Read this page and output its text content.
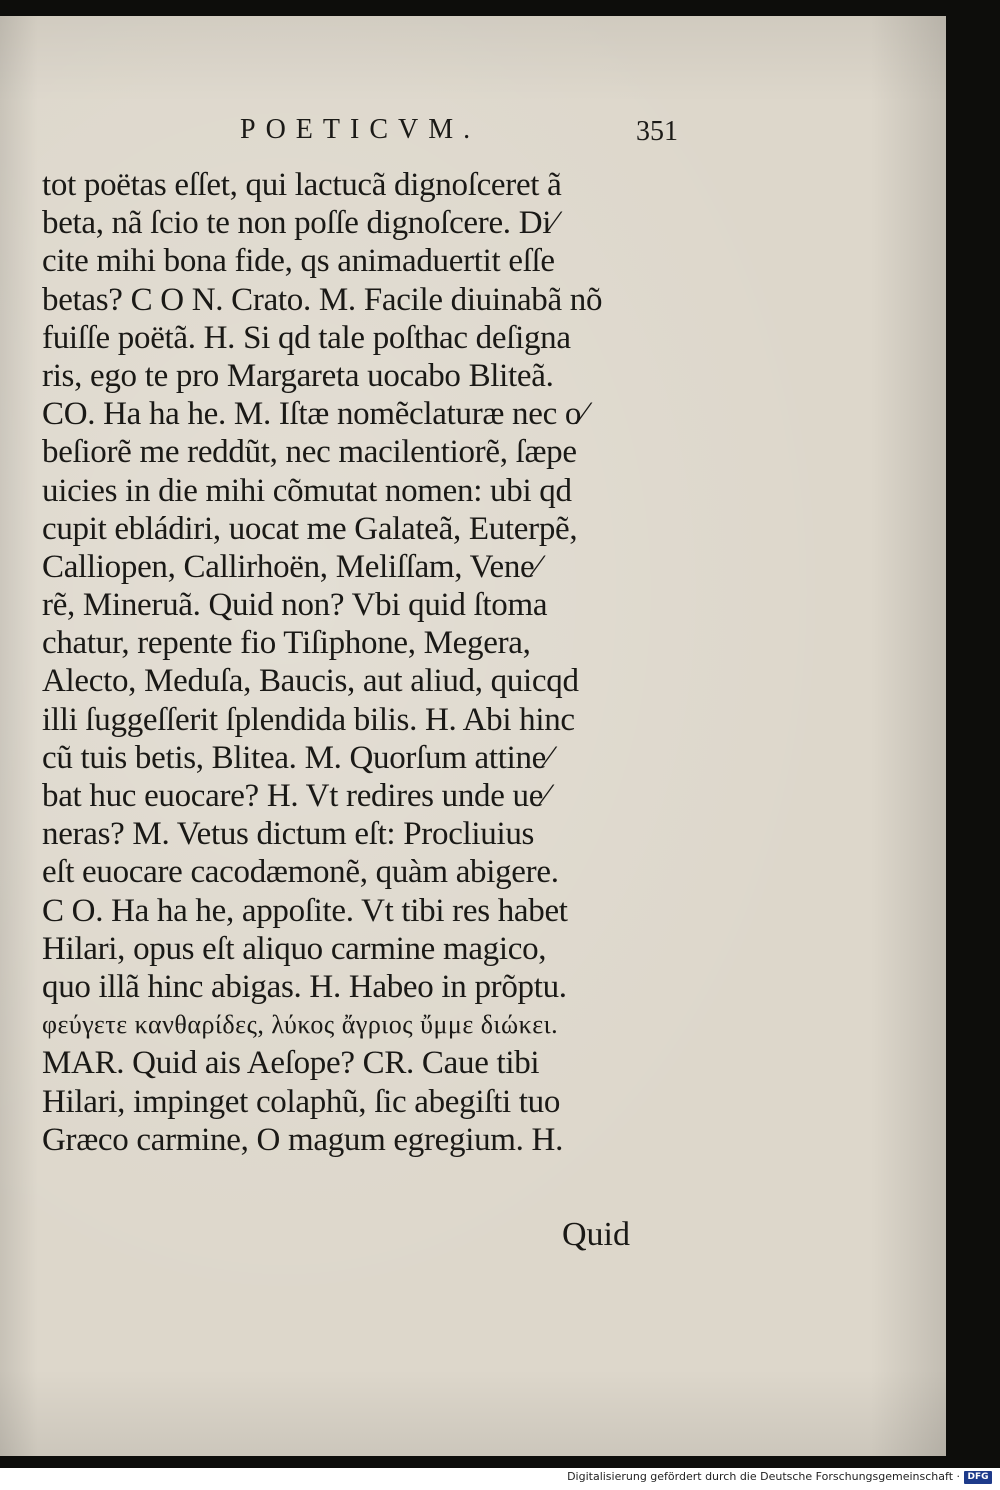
POETICVM.	351
tot poëtas eſſet, qui lactucã dignoſceret ã
beta, nã ſcio te non poſſe dignoſcere. Di⁄
cite mihi bona fide, qs animaduertit eſſe
betas? C O N. Crato. M. Facile diuinabã nõ
fuiſſe poëtã. H. Si qd tale poſthac deſigna
ris, ego te pro Margareta uocabo Bliteã.
CO. Ha ha he. M. Iſtæ nomẽclaturæ nec o⁄
beſiorẽ me reddũt, nec macilentiorẽ, ſæpe
uicies in die mihi cõmutat nomen: ubi qd
cupit ebládiri, uocat me Galateã, Euterpẽ,
Calliopen, Callirhoën, Meliſſam, Vene⁄
rẽ, Mineruã. Quid non? Vbi quid ſtoma
chatur, repente fio Tiſiphone, Megera,
Alecto, Meduſa, Baucis, aut aliud, quicqd
illi ſuggeſſerit ſplendida bilis. H. Abi hinc
cũ tuis betis, Blitea. M. Quorſum attine⁄
bat huc euocare? H. Vt redires unde ue⁄
neras? M. Vetus dictum eſt: Procliuius
eſt euocare cacodæmonẽ, quàm abigere.
C O. Ha ha he, appoſite. Vt tibi res habet
Hilari, opus eſt aliquo carmine magico,
quo illã hinc abigas. H. Habeo in prõptu.
φεύγετε κανθαρίδες, λύκος ἄγριος ὔμμε διώκει.
MAR. Quid ais Aeſope? CR. Caue tibi
Hilari, impinget colaphũ, ſic abegiſti tuo
Græco carmine, O magum egregium. H.
Quid
Digitalisierung gefördert durch die Deutsche Forschungsgemeinschaft · DFG
